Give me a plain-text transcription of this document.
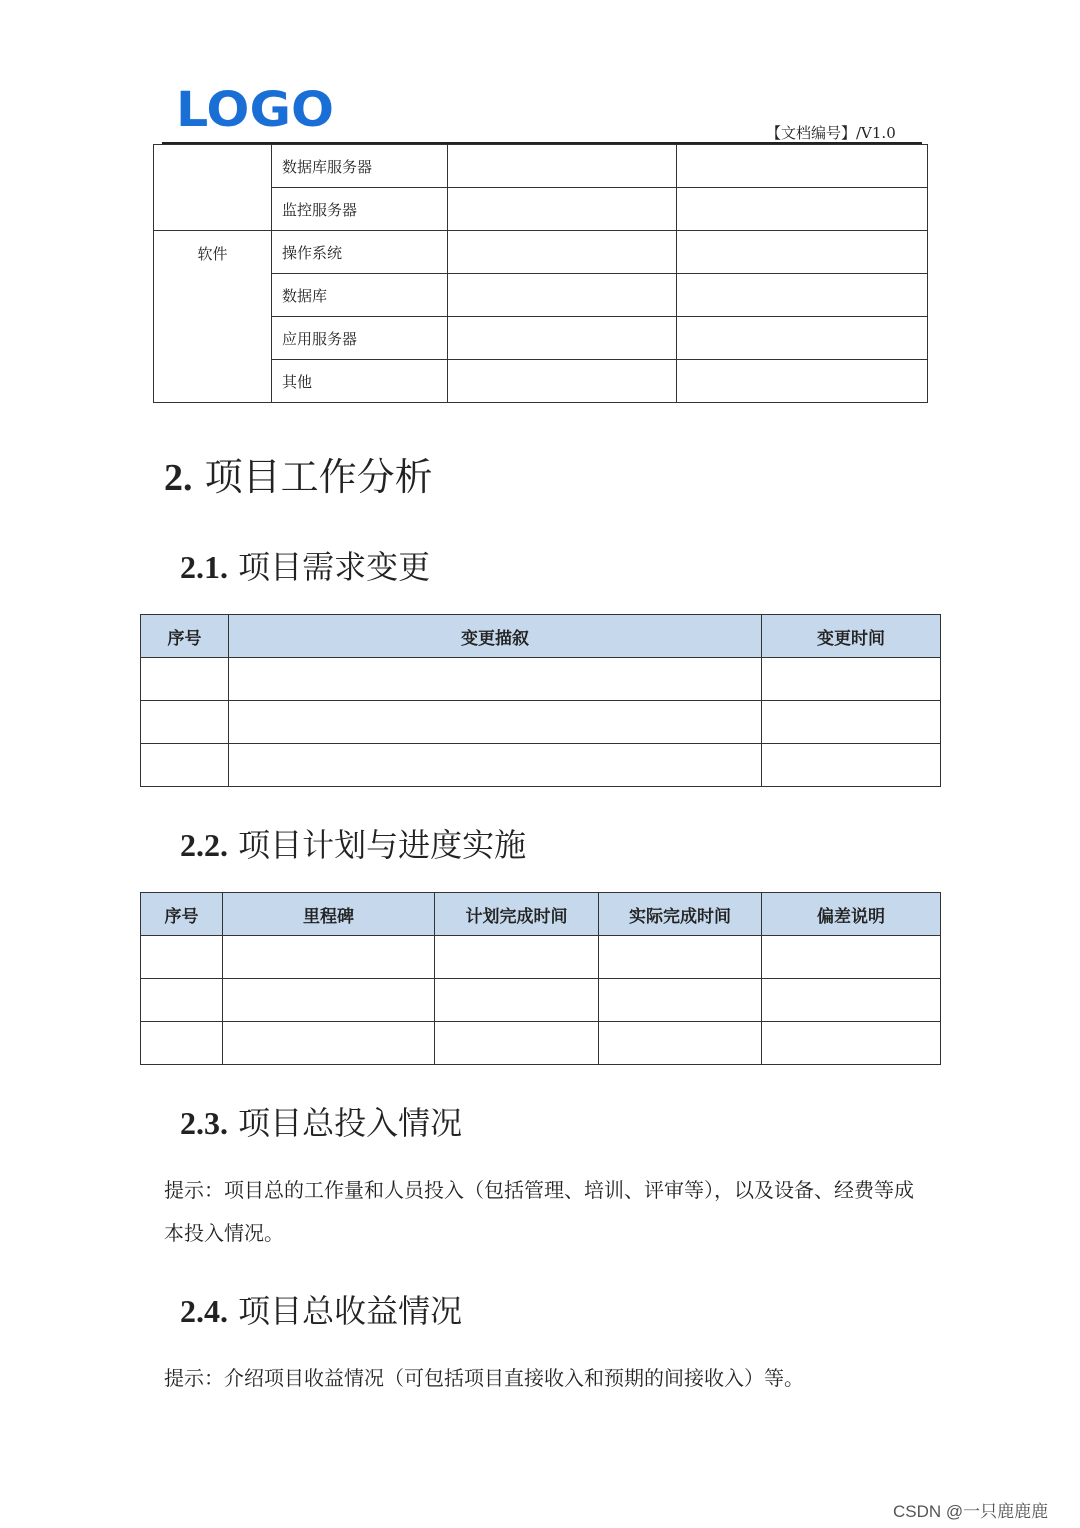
LOGO	【文档编号】/V1.0
	数据库服务器		
	监控服务器		
软件	操作系统		
	数据库		
	应用服务器		
	其他		
2. 项目工作分析
2.1. 项目需求变更
序号	变更描叙	变更时间

2.2. 项目计划与进度实施
序号	里程碑	计划完成时间	实际完成时间	偏差说明

2.3. 项目总投入情况
提示：项目总的工作量和人员投入（包括管理、培训、评审等），以及设备、经费等成本投入情况。
2.4. 项目总收益情况
提示：介绍项目收益情况（可包括项目直接收入和预期的间接收入）等。
CSDN @一只鹿鹿鹿
